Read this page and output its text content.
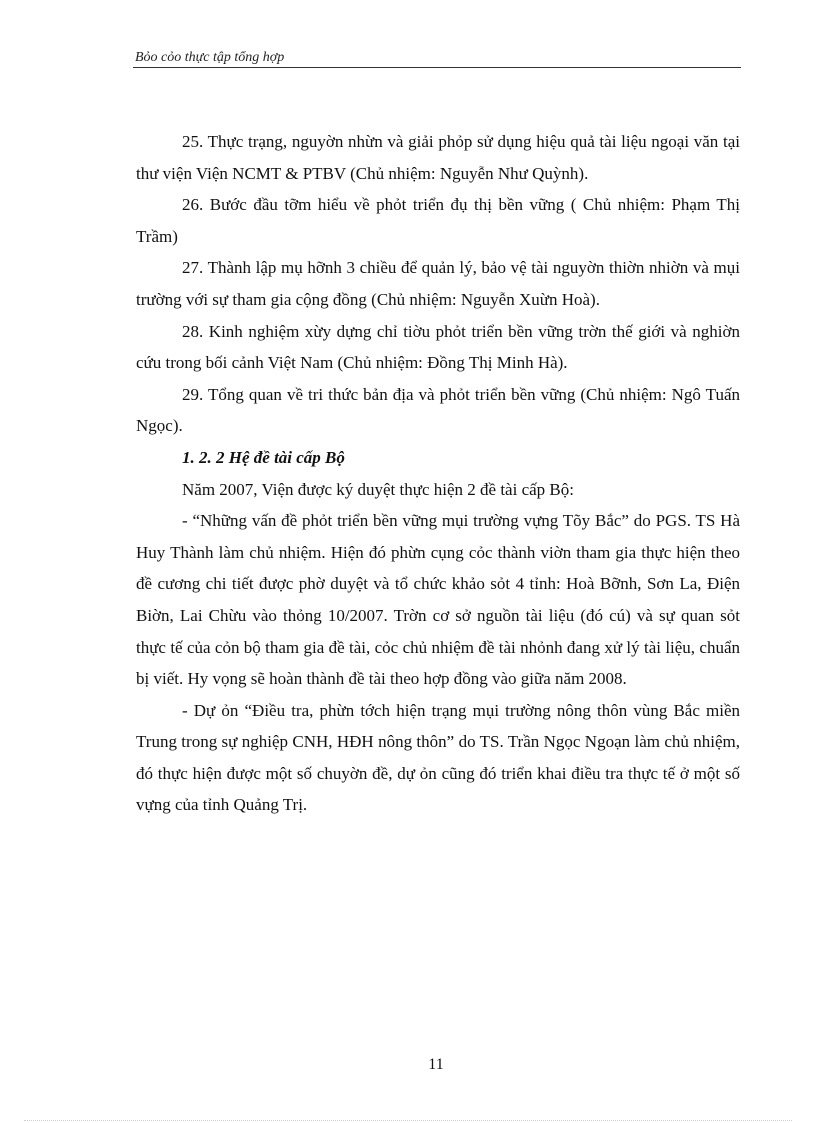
Bỏo cỏo thực tập tổng hợp

25. Thực trạng, nguyờn nhừn và giải phỏp sử dụng hiệu quả tài liệu ngoại văn tại thư viện Viện NCMT & PTBV (Chủ nhiệm: Nguyễn Như Quỳnh).

26. Bước đầu tỡm hiểu về phỏt triển đụ thị bền vững ( Chủ nhiệm: Phạm Thị Trầm)

27. Thành lập mụ hỡnh 3 chiều để quản lý, bảo vệ tài nguyờn thiờn nhiờn và mụi trường với sự tham gia cộng đồng (Chủ nhiệm: Nguyễn Xuừn Hoà).

28. Kinh nghiệm xừy dựng chỉ tiờu phỏt triển bền vững trờn thế giới và nghiờn cứu trong bối cảnh Việt Nam (Chủ nhiệm: Đồng Thị Minh Hà).

29. Tổng quan về tri thức bản địa và phỏt triển bền vững (Chủ nhiệm: Ngô Tuấn Ngọc).

1. 2. 2 Hệ đề tài cấp Bộ

Năm 2007, Viện được ký duyệt thực hiện 2 đề tài cấp Bộ:

- “Những vấn đề phỏt triển bền vững mụi trường vựng Tõy Bắc” do PGS. TS Hà Huy Thành làm chủ nhiệm. Hiện đó phừn cụng cỏc thành viờn tham gia thực hiện theo đề cương chi tiết được phờ duyệt và tổ chức khảo sỏt 4 tỉnh: Hoà Bỡnh, Sơn La, Điện Biờn, Lai Chừu vào thỏng 10/2007. Trờn cơ sở nguồn tài liệu (đó cú) và sự quan sỏt thực tế của cỏn bộ tham gia đề tài, cỏc chủ nhiệm đề tài nhỏnh đang xử lý tài liệu, chuẩn bị viết. Hy vọng sẽ hoàn thành đề tài theo hợp đồng vào giữa năm 2008.

- Dự ỏn “Điều tra, phừn tớch hiện trạng mụi trường nông thôn vùng Bắc miền Trung trong sự nghiệp CNH, HĐH nông thôn” do TS. Trần Ngọc Ngoạn làm chủ nhiệm, đó thực hiện được một số chuyờn đề, dự ỏn cũng đó triển khai điều tra thực tế ở một số vựng của tỉnh Quảng Trị.

11
